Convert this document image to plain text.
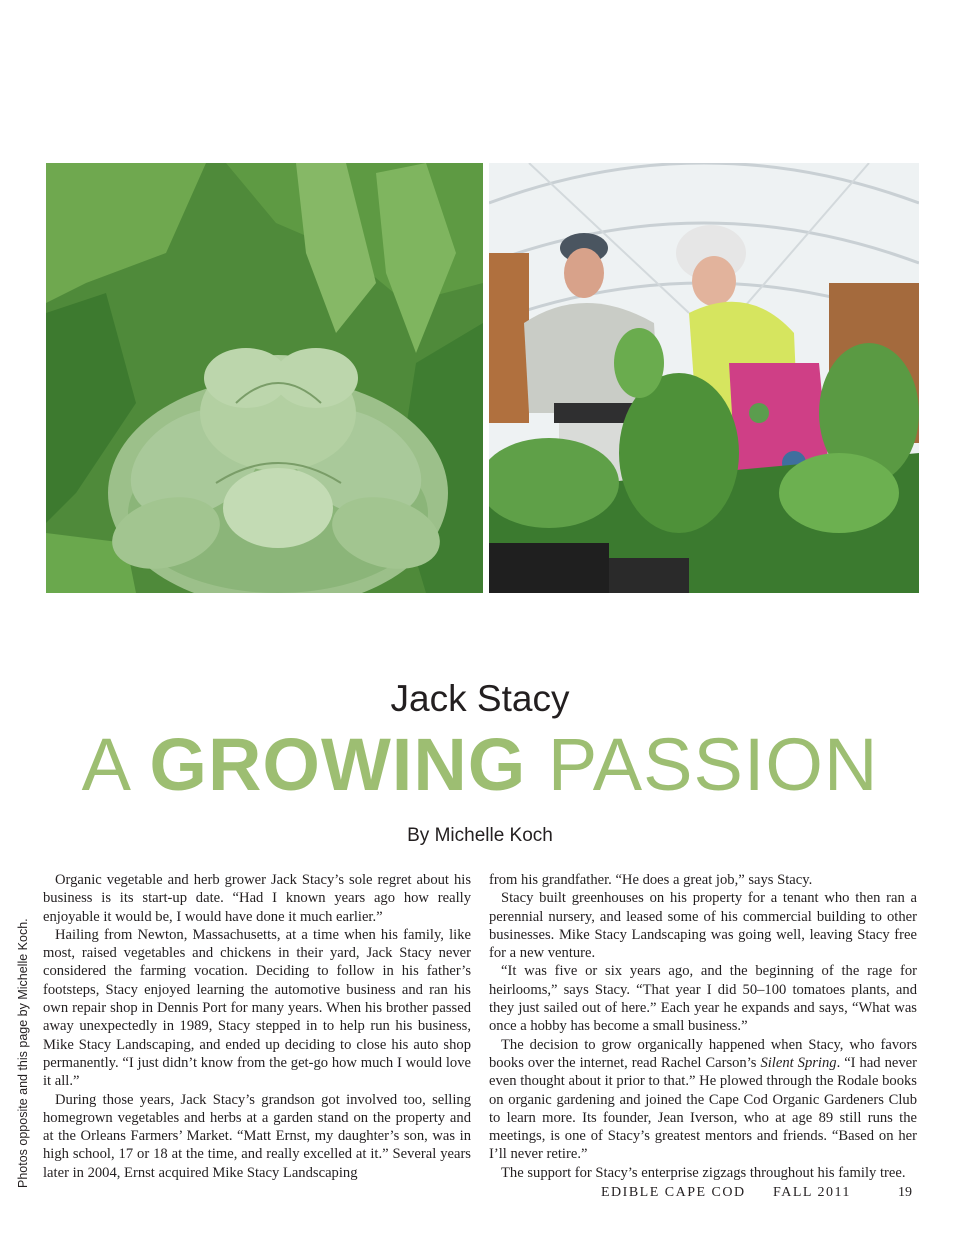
Jack Stacy
A GROWING PASSION
By Michelle Koch
Photos opposite and this page by Michelle Koch.

Organic vegetable and herb grower Jack Stacy’s sole regret about his business is its start-up date. “Had I known years ago how really enjoyable it would be, I would have done it much earlier.”

Hailing from Newton, Massachusetts, at a time when his family, like most, raised vegetables and chickens in their yard, Jack Stacy never considered the farming vocation. Deciding to follow in his father’s footsteps, Stacy enjoyed learning the automotive business and ran his own repair shop in Dennis Port for many years. When his brother passed away unexpectedly in 1989, Stacy stepped in to help run his business, Mike Stacy Landscaping, and ended up deciding to close his auto shop permanently. “I just didn’t know from the get-go how much I would love it all.”

During those years, Jack Stacy’s grandson got involved too, selling homegrown vegetables and herbs at a garden stand on the property and at the Orleans Farmers’ Market. “Matt Ernst, my daughter’s son, was in high school, 17 or 18 at the time, and really excelled at it.” Several years later in 2004, Ernst acquired Mike Stacy Landscaping

from his grandfather. “He does a great job,” says Stacy.

Stacy built greenhouses on his property for a tenant who then ran a perennial nursery, and leased some of his commercial building to other businesses. Mike Stacy Landscaping was going well, leaving Stacy free for a new venture.

“It was five or six years ago, and the beginning of the rage for heirlooms,” says Stacy. “That year I did 50–100 tomatoes plants, and they just sailed out of here.” Each year he expands and says, “What was once a hobby has become a small business.”

The decision to grow organically happened when Stacy, who favors books over the internet, read Rachel Carson’s Silent Spring. “I had never even thought about it prior to that.” He plowed through the Rodale books on organic gardening and joined the Cape Cod Organic Gardeners Club to learn more. Its founder, Jean Iverson, who at age 89 still runs the meetings, is one of Stacy’s greatest mentors and friends. “Based on her I’ll never retire.”

The support for Stacy’s enterprise zigzags throughout his family tree.

EDIBLE CAPE COD FALL 2011	19
